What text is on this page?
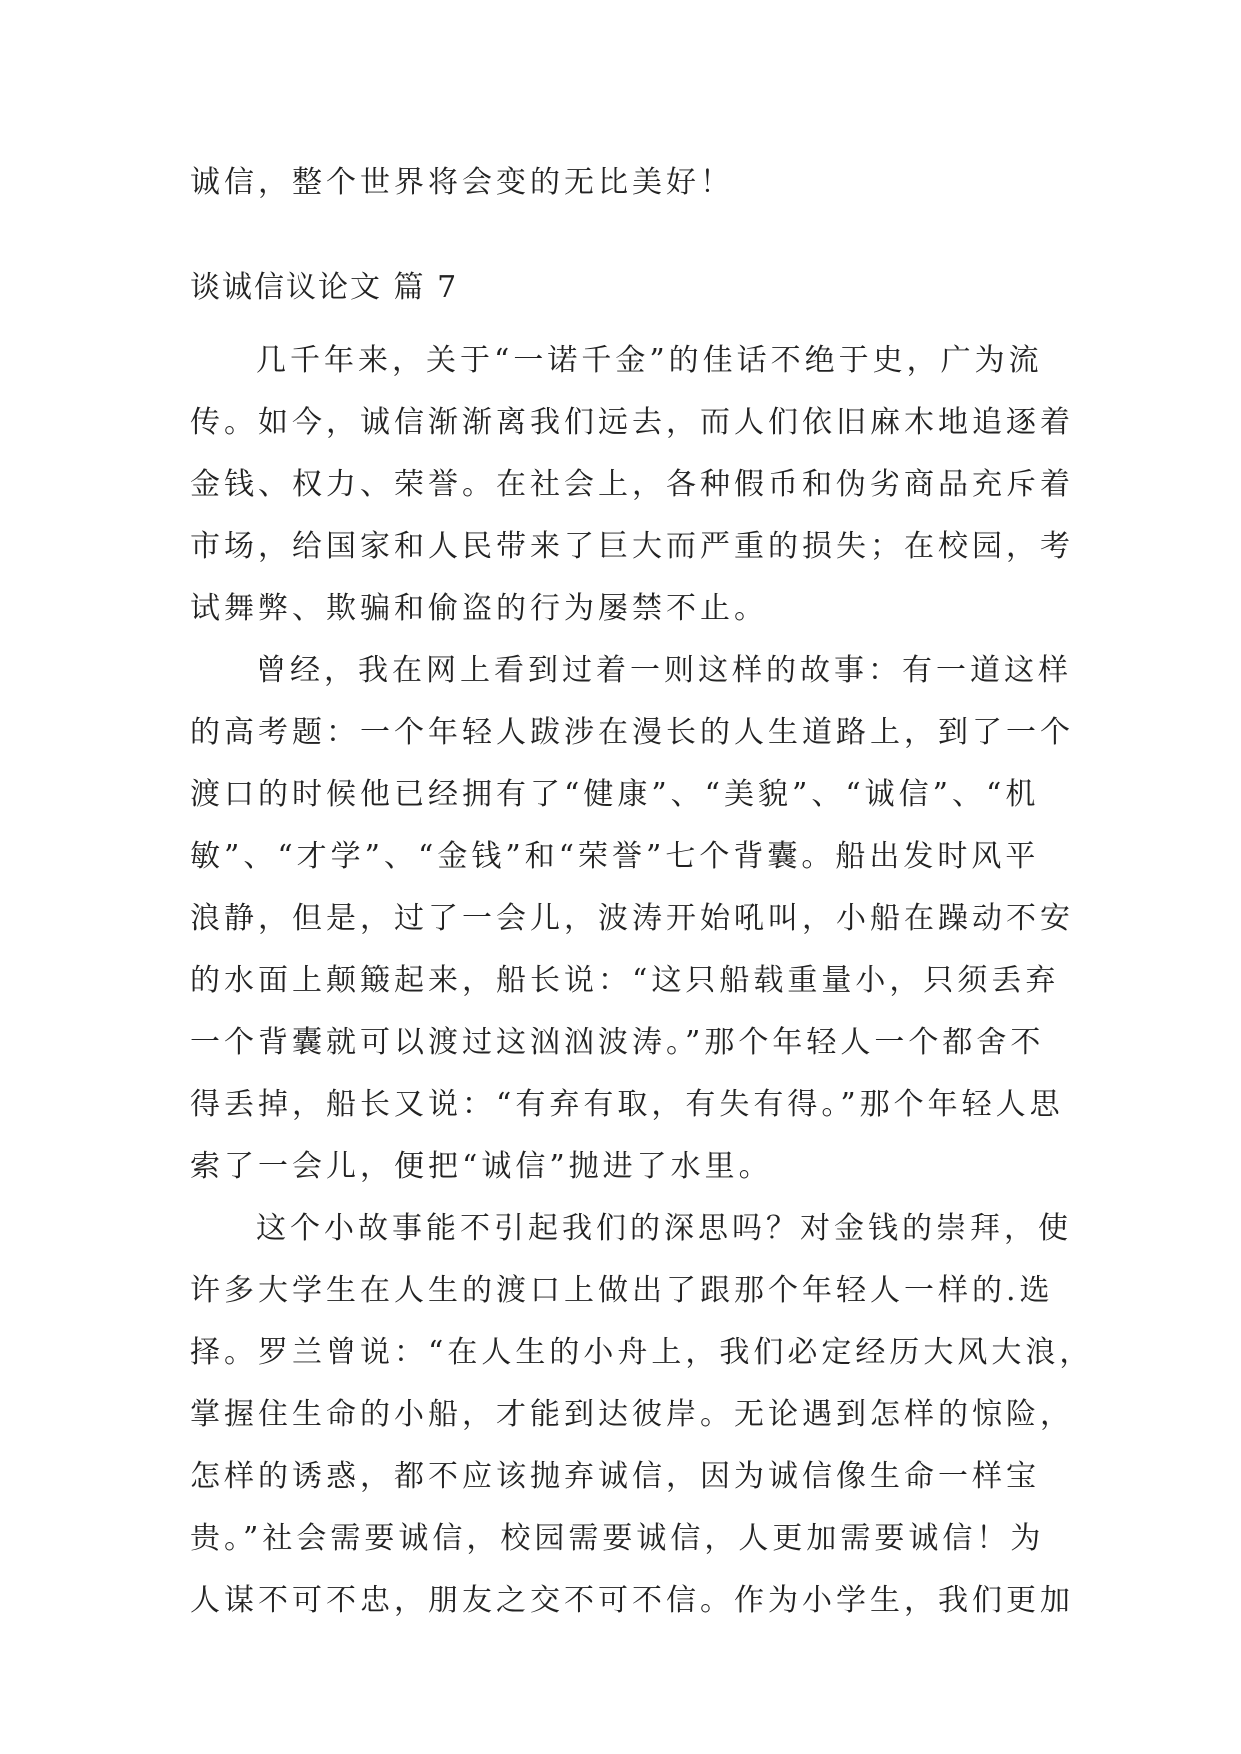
诚信，整个世界将会变的无比美好！
谈诚信议论文 篇 7
几千年来，关于“一诺千金”的佳话不绝于史，广为流
传。如今，诚信渐渐离我们远去，而人们依旧麻木地追逐着
金钱、权力、荣誉。在社会上，各种假币和伪劣商品充斥着
市场，给国家和人民带来了巨大而严重的损失；在校园，考
试舞弊、欺骗和偷盗的行为屡禁不止。
曾经，我在网上看到过着一则这样的故事：有一道这样
的高考题：一个年轻人跋涉在漫长的人生道路上，到了一个
渡口的时候他已经拥有了“健康”、“美貌”、“诚信”、“机
敏”、“才学”、“金钱”和“荣誉”七个背囊。船出发时风平
浪静，但是，过了一会儿，波涛开始吼叫，小船在躁动不安
的水面上颠簸起来，船长说：“这只船载重量小，只须丢弃
一个背囊就可以渡过这汹汹波涛。”那个年轻人一个都舍不
得丢掉，船长又说：“有弃有取，有失有得。”那个年轻人思
索了一会儿，便把“诚信”抛进了水里。
这个小故事能不引起我们的深思吗？对金钱的崇拜，使
许多大学生在人生的渡口上做出了跟那个年轻人一样的.选
择。罗兰曾说：“在人生的小舟上，我们必定经历大风大浪，
掌握住生命的小船，才能到达彼岸。无论遇到怎样的惊险，
怎样的诱惑，都不应该抛弃诚信，因为诚信像生命一样宝
贵。”社会需要诚信，校园需要诚信，人更加需要诚信！为
人谋不可不忠，朋友之交不可不信。作为小学生，我们更加
